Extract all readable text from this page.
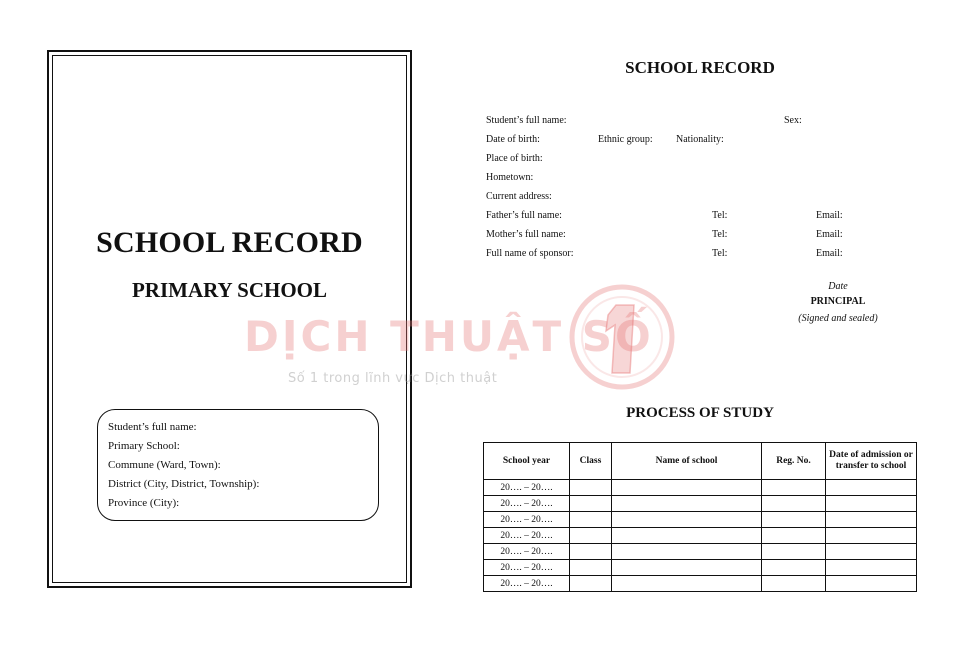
SCHOOL RECORD
PRIMARY SCHOOL
Student’s full name:
Primary School:
Commune (Ward, Town):
District (City, District, Township):
Province (City):
SCHOOL RECORD
Student’s full name:	Sex:
Date of birth:	Ethnic group: Nationality:
Place of birth:
Hometown:
Current address:
Father’s full name:	Tel:	Email:
Mother’s full name:	Tel:	Email:
Full name of sponsor:	Tel:	Email:
Date
PRINCIPAL
(Signed and sealed)
DỊCH THUẬT SỐ
Số 1 trong lĩnh vực Dịch thuật
PROCESS OF STUDY
School year	Class	Name of school	Reg. No.	Date of admission or transfer to school
20…. – 20….				
20…. – 20….				
20…. – 20….				
20…. – 20….				
20…. – 20….				
20…. – 20….				
20…. – 20….				
